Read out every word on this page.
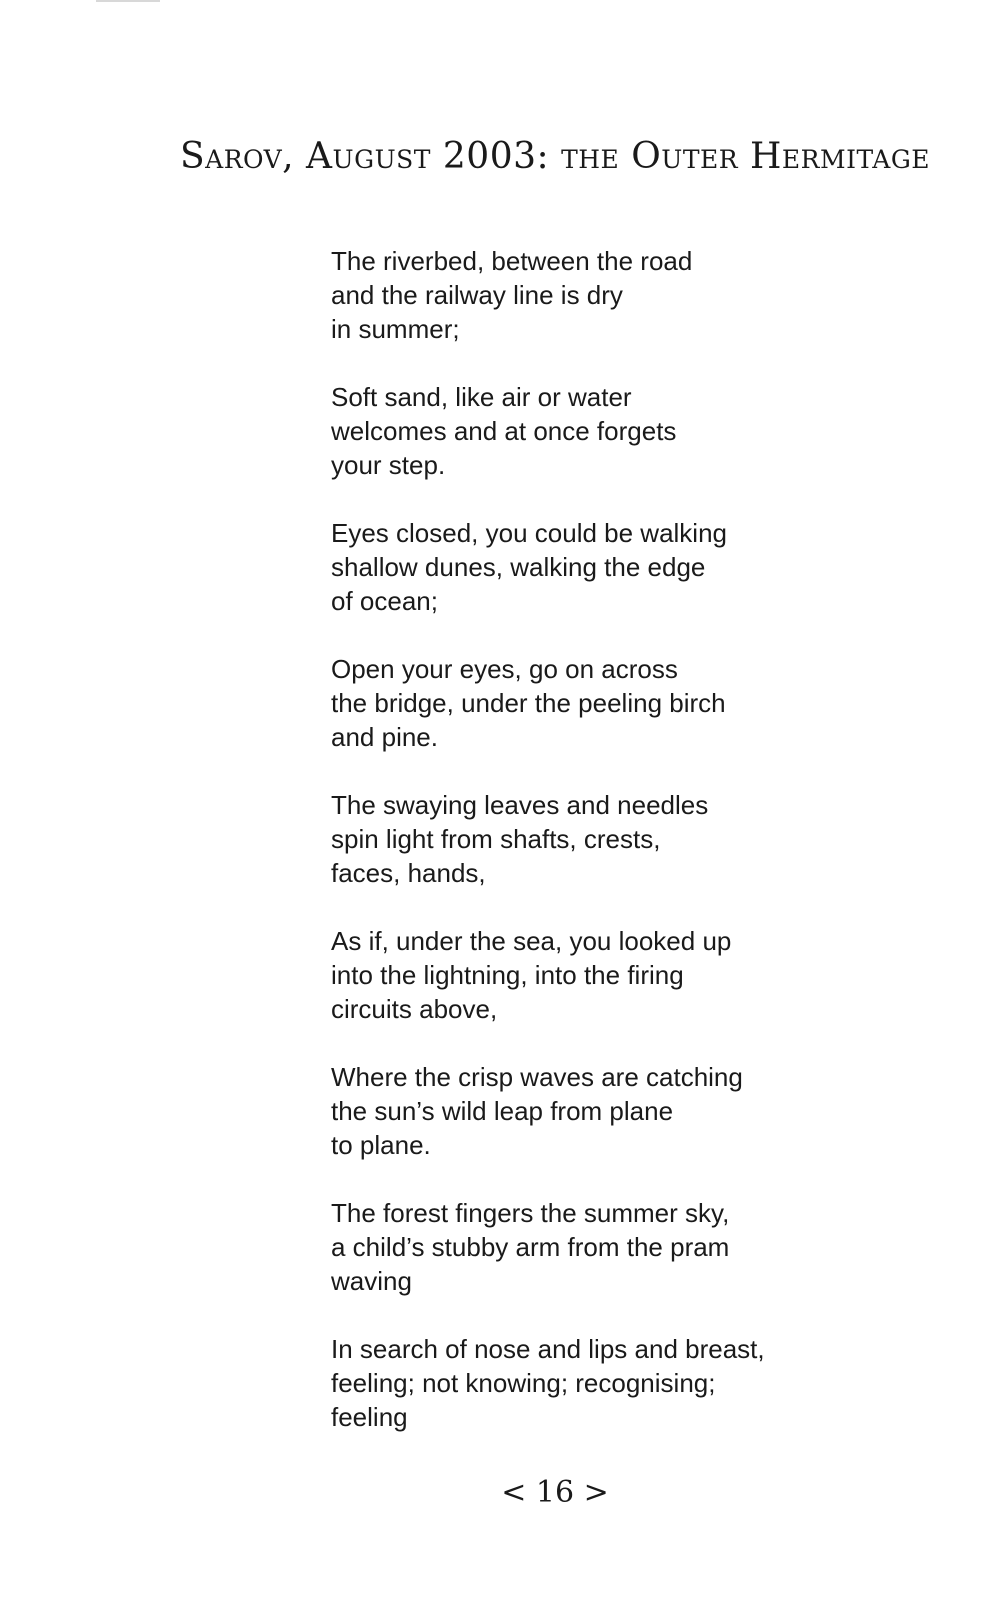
Sarov, August 2003: the Outer Hermitage

The riverbed, between the road
and the railway line is dry
in summer;

Soft sand, like air or water
welcomes and at once forgets
your step.

Eyes closed, you could be walking
shallow dunes, walking the edge
of ocean;

Open your eyes, go on across
the bridge, under the peeling birch
and pine.

The swaying leaves and needles
spin light from shafts, crests,
faces, hands,

As if, under the sea, you looked up
into the lightning, into the firing
circuits above,

Where the crisp waves are catching
the sun’s wild leap from plane
to plane.

The forest fingers the summer sky,
a child’s stubby arm from the pram
waving

In search of nose and lips and breast,
feeling; not knowing; recognising;
feeling

< 16 >
